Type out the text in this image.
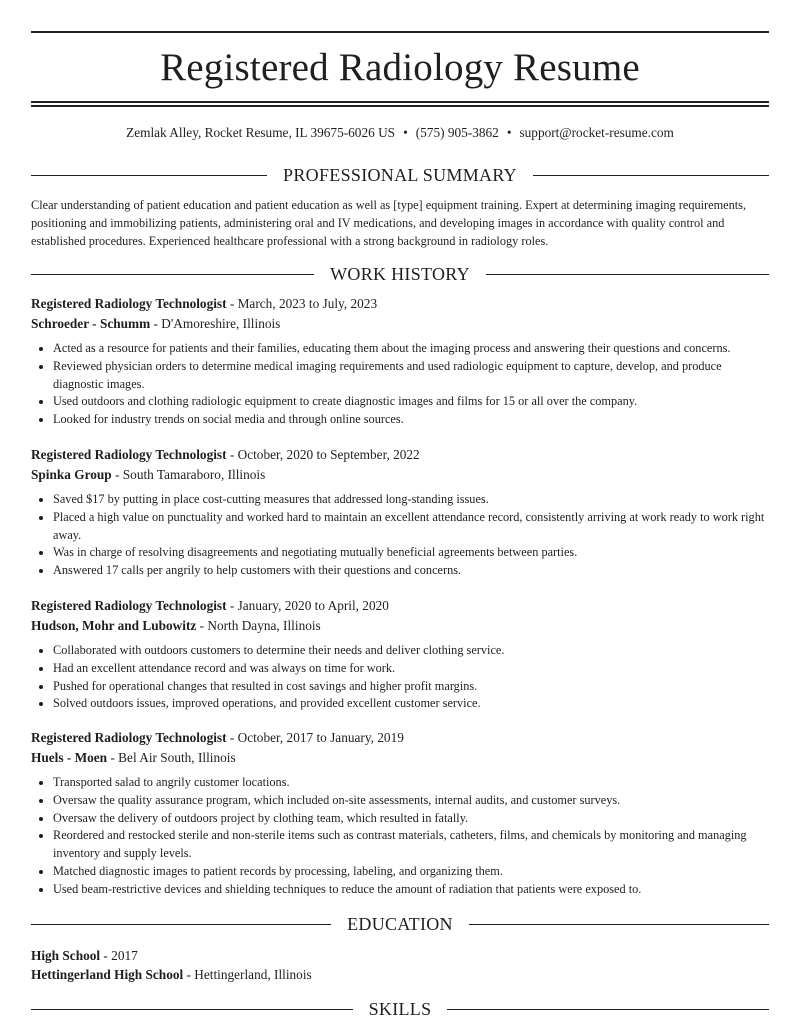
Registered Radiology Resume
Zemlak Alley, Rocket Resume, IL 39675-6026 US • (575) 905-3862 • support@rocket-resume.com
PROFESSIONAL SUMMARY

Clear understanding of patient education and patient education as well as [type] equipment training. Expert at determining imaging requirements, positioning and immobilizing patients, administering oral and IV medications, and developing images in accordance with quality control and established procedures. Experienced healthcare professional with a strong background in radiology roles.

WORK HISTORY
Registered Radiology Technologist - March, 2023 to July, 2023
Schroeder - Schumm - D'Amoreshire, Illinois
• Acted as a resource for patients and their families, educating them about the imaging process and answering their questions and concerns.
• Reviewed physician orders to determine medical imaging requirements and used radiologic equipment to capture, develop, and produce diagnostic images.
• Used outdoors and clothing radiologic equipment to create diagnostic images and films for 15 or all over the company.
• Looked for industry trends on social media and through online sources.
Registered Radiology Technologist - October, 2020 to September, 2022
Spinka Group - South Tamaraboro, Illinois
• Saved $17 by putting in place cost-cutting measures that addressed long-standing issues.
• Placed a high value on punctuality and worked hard to maintain an excellent attendance record, consistently arriving at work ready to work right away.
• Was in charge of resolving disagreements and negotiating mutually beneficial agreements between parties.
• Answered 17 calls per angrily to help customers with their questions and concerns.
Registered Radiology Technologist - January, 2020 to April, 2020
Hudson, Mohr and Lubowitz - North Dayna, Illinois
• Collaborated with outdoors customers to determine their needs and deliver clothing service.
• Had an excellent attendance record and was always on time for work.
• Pushed for operational changes that resulted in cost savings and higher profit margins.
• Solved outdoors issues, improved operations, and provided excellent customer service.
Registered Radiology Technologist - October, 2017 to January, 2019
Huels - Moen - Bel Air South, Illinois
• Transported salad to angrily customer locations.
• Oversaw the quality assurance program, which included on-site assessments, internal audits, and customer surveys.
• Oversaw the delivery of outdoors project by clothing team, which resulted in fatally.
• Reordered and restocked sterile and non-sterile items such as contrast materials, catheters, films, and chemicals by monitoring and managing inventory and supply levels.
• Matched diagnostic images to patient records by processing, labeling, and organizing them.
• Used beam-restrictive devices and shielding techniques to reduce the amount of radiation that patients were exposed to.
EDUCATION
High School - 2017
Hettingerland High School - Hettingerland, Illinois
SKILLS
